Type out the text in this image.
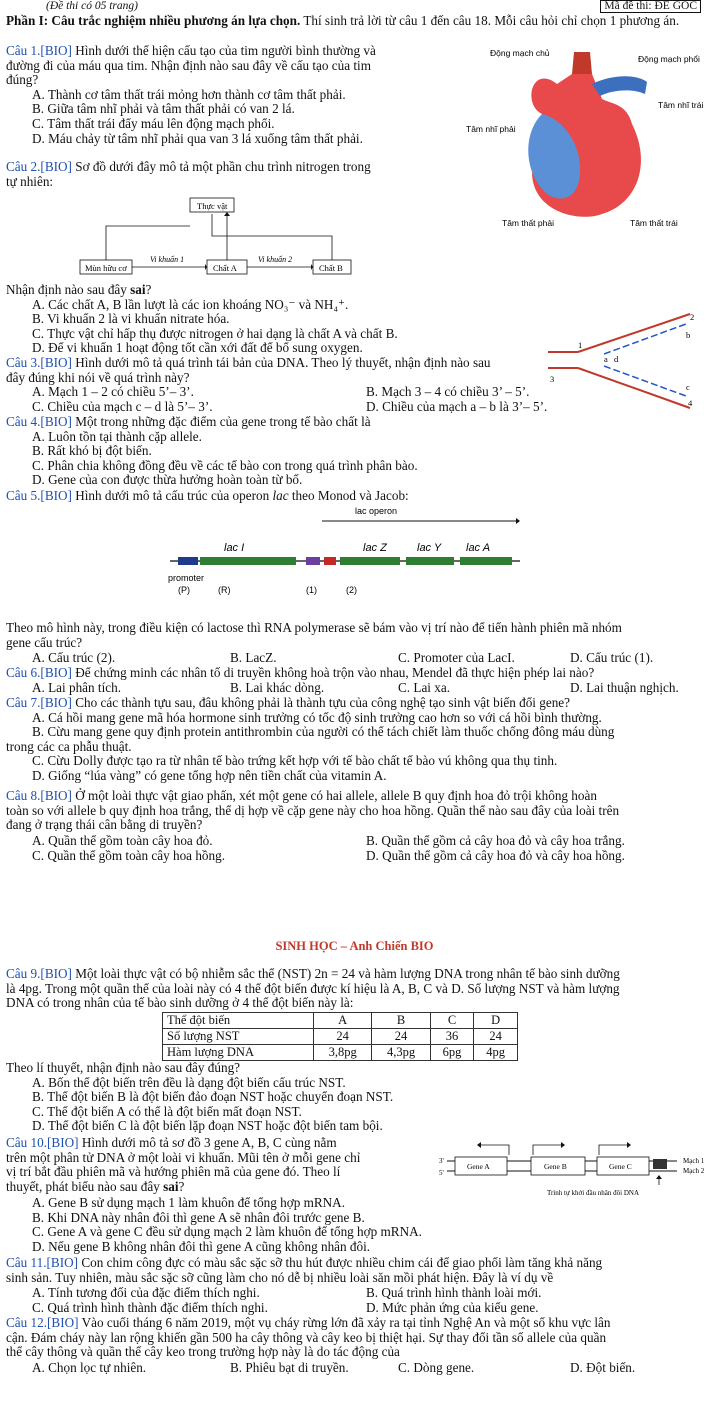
(Đề thi có 05 trang)	Mã đề thi: ĐỀ GỐC
Phần I: Câu trắc nghiệm nhiều phương án lựa chọn. Thí sinh trả lời từ câu 1 đến câu 18. Mỗi câu hỏi chỉ chọn 1 phương án.
Câu 1.[BIO] Hình dưới thể hiện cấu tạo của tim người bình thường và
đường đi của máu qua tim. Nhận định nào sau đây về cấu tạo của tim
đúng?
A. Thành cơ tâm thất trái mỏng hơn thành cơ tâm thất phải.
B. Giữa tâm nhĩ phải và tâm thất phải có van 2 lá.
C. Tâm thất trái đẩy máu lên động mạch phổi.
D. Máu chảy từ tâm nhĩ phải qua van 3 lá xuống tâm thất phải.
Động mạch chủ
Động mạch phổi
Tâm nhĩ phải
Tâm nhĩ trái
Tâm thất phải	Tâm thất trái
Câu 2.[BIO] Sơ đồ dưới đây mô tả một phần chu trình nitrogen trong
tự nhiên:
Thực vật
Mùn hữu cơ	Chất A	Chất B
Vi khuẩn 1	Vi khuẩn 2
Nhận định nào sau đây sai?
A. Các chất A, B lần lượt là các ion khoáng NO₃⁻ và NH₄⁺.
B. Vi khuẩn 2 là vi khuẩn nitrate hóa.
C. Thực vật chỉ hấp thụ được nitrogen ở hai dạng là chất A và chất B.
D. Để vi khuẩn 1 hoạt động tốt cần xới đất để bổ sung oxygen.	1
2
3
4
a
b
c
d
Câu 3.[BIO] Hình dưới mô tả quá trình tái bản của DNA. Theo lý thuyết, nhận định nào sau
đây đúng khi nói về quá trình này?
A. Mạch 1 – 2 có chiều 5’– 3’.	B. Mạch 3 – 4 có chiều 3’ – 5’.
C. Chiều của mạch c – d là 5’– 3’.	D. Chiều của mạch a – b là 3’– 5’.
Câu 4.[BIO] Một trong những đặc điểm của gene trong tế bào chất là
A. Luôn tồn tại thành cặp allele.
B. Rất khó bị đột biến.
C. Phân chia không đồng đều về các tế bào con trong quá trình phân bào.
D. Gene của con được thừa hưởng hoàn toàn từ bố.
Câu 5.[BIO] Hình dưới mô tả cấu trúc của operon lac theo Monod và Jacob:
lac operon
lac I	lac Z	lac Y lac A
promoter
(P)	(R)	(1)	(2)
Theo mô hình này, trong điều kiện có lactose thì RNA polymerase sẽ bám vào vị trí nào để tiến hành phiên mã nhóm
gene cấu trúc?
A. Cấu trúc (2).	B. LacZ.	C. Promoter của LacI.	D. Cấu trúc (1).
Câu 6.[BIO] Để chứng minh các nhân tố di truyền không hoà trộn vào nhau, Mendel đã thực hiện phép lai nào?
A. Lai phân tích.	B. Lai khác dòng.	C. Lai xa.	D. Lai thuận nghịch.
Câu 7.[BIO] Cho các thành tựu sau, đâu không phải là thành tựu của công nghệ tạo sinh vật biến đổi gene?
A. Cá hồi mang gene mã hóa hormone sinh trưởng có tốc độ sinh trưởng cao hơn so với cá hồi bình thường.
B. Cừu mang gene quy định protein antithrombin của người có thể tách chiết làm thuốc chống đông máu dùng
trong các ca phẫu thuật.
C. Cừu Dolly được tạo ra từ nhân tế bào trứng kết hợp với tế bào chất tế bào vú không qua thụ tinh.
D. Giống “lúa vàng” có gene tổng hợp nên tiền chất của vitamin A.
Câu 8.[BIO] Ở một loài thực vật giao phấn, xét một gene có hai allele, allele B quy định hoa đỏ trội không hoàn
toàn so với allele b quy định hoa trắng, thể dị hợp về cặp gene này cho hoa hồng. Quần thể nào sau đây của loài trên
đang ở trạng thái cân bằng di truyền?
A. Quần thể gồm toàn cây hoa đỏ.	B. Quần thể gồm cả cây hoa đỏ và cây hoa trắng.
C. Quần thể gồm toàn cây hoa hồng.	D. Quần thể gồm cả cây hoa đỏ và cây hoa hồng.
SINH HỌC – Anh Chiến BIO
Câu 9.[BIO] Một loài thực vật có bộ nhiễm sắc thể (NST) 2n = 24 và hàm lượng DNA trong nhân tế bào sinh dưỡng
là 4pg. Trong một quần thể của loài này có 4 thể đột biến được kí hiệu là A, B, C và D. Số lượng NST và hàm lượng
DNA có trong nhân của tế bào sinh dưỡng ở 4 thể đột biến này là:
Thể đột biến	A	B	C	D
Số lượng NST	24	24	36	24
Hàm lượng DNA	3,8pg	4,3pg	6pg	4pg
Theo lí thuyết, nhận định nào sau đây đúng?
A. Bốn thể đột biến trên đều là dạng đột biến cấu trúc NST.
B. Thể đột biến B là đột biến đảo đoạn NST hoặc chuyển đoạn NST.
C. Thể đột biến A có thể là đột biến mất đoạn NST.
D. Thể đột biến C là đột biến lặp đoạn NST hoặc đột biến tam bội.
Câu 10.[BIO] Hình dưới mô tả sơ đồ 3 gene A, B, C cùng nằm
trên một phân tử DNA ở một loài vi khuẩn. Mũi tên ở mỗi gene chỉ
vị trí bắt đầu phiên mã và hướng phiên mã của gene đó. Theo lí
thuyết, phát biểu nào sau đây sai?
3'
5'
Gene A	Gene B	Gene C
Mạch 1
Mạch 2
Trình tự khởi đầu nhân đôi DNA
A. Gene B sử dụng mạch 1 làm khuôn để tổng hợp mRNA.
B. Khi DNA này nhân đôi thì gene A sẽ nhân đôi trước gene B.
C. Gene A và gene C đều sử dụng mạch 2 làm khuôn để tổng hợp mRNA.
D. Nếu gene B không nhân đôi thì gene A cũng không nhân đôi.
Câu 11.[BIO] Con chim công đực có màu sắc sặc sỡ thu hút được nhiều chim cái để giao phối làm tăng khả năng
sinh sản. Tuy nhiên, màu sắc sặc sỡ cũng làm cho nó dễ bị nhiều loài săn mồi phát hiện. Đây là ví dụ về
A. Tính tương đối của đặc điểm thích nghi.	B. Quá trình hình thành loài mới.
C. Quá trình hình thành đặc điểm thích nghi.	D. Mức phản ứng của kiểu gene.
Câu 12.[BIO] Vào cuối tháng 6 năm 2019, một vụ cháy rừng lớn đã xảy ra tại tỉnh Nghệ An và một số khu vực lân
cận. Đám cháy này lan rộng khiến gần 500 ha cây thông và cây keo bị thiệt hại. Sự thay đổi tần số allele của quần
thể cây thông và quần thể cây keo trong trường hợp này là do tác động của
A. Chọn lọc tự nhiên.	B. Phiêu bạt di truyền.	C. Dòng gene.	D. Đột biến.
